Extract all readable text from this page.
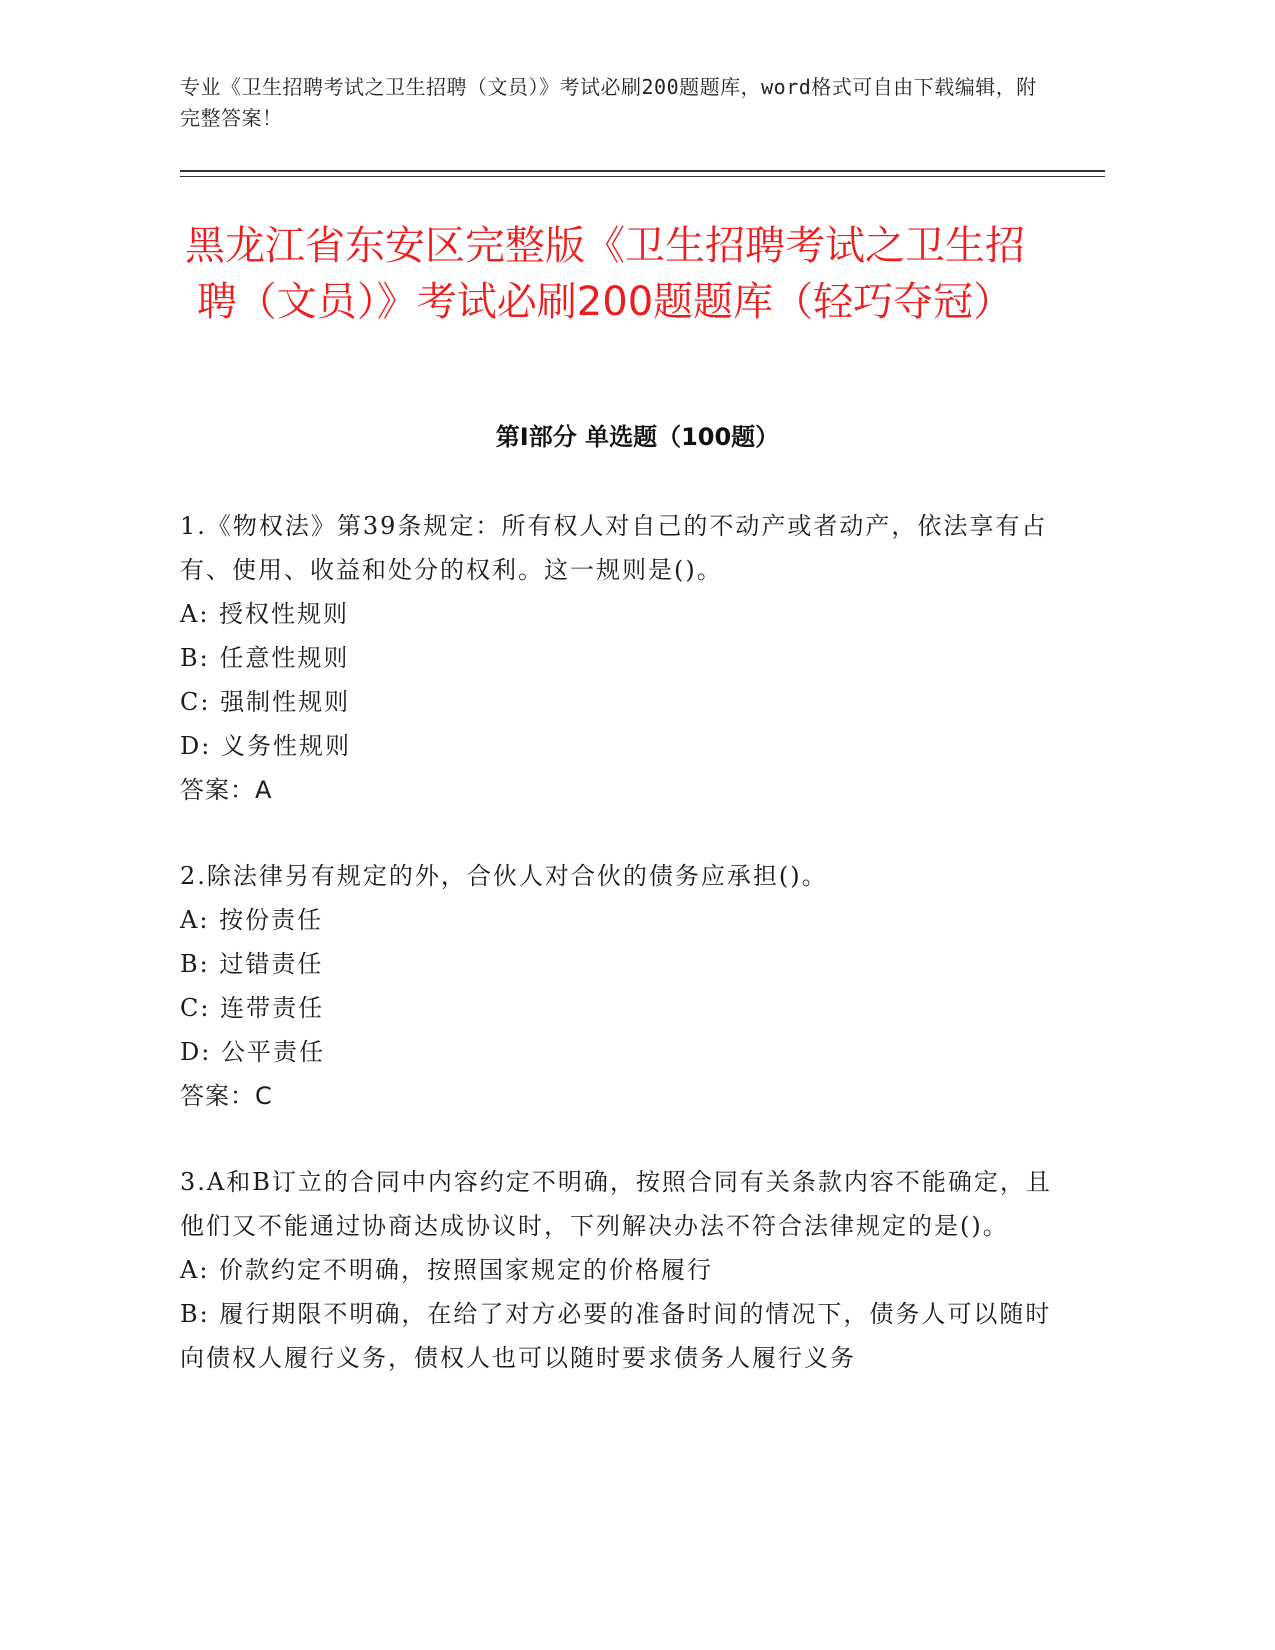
专业《卫生招聘考试之卫生招聘（文员）》考试必刷200题题库，word格式可自由下载编辑，附完整答案！
黑龙江省东安区完整版《卫生招聘考试之卫生招聘（文员）》考试必刷200题题库（轻巧夺冠）
第I部分 单选题（100题）
1.《物权法》第39条规定：所有权人对自己的不动产或者动产，依法享有占有、使用、收益和处分的权利。这一规则是()。
A: 授权性规则
B: 任意性规则
C: 强制性规则
D: 义务性规则
答案：A
2.除法律另有规定的外，合伙人对合伙的债务应承担()。
A: 按份责任
B: 过错责任
C: 连带责任
D: 公平责任
答案：C
3.A和B订立的合同中内容约定不明确，按照合同有关条款内容不能确定，且他们又不能通过协商达成协议时，下列解决办法不符合法律规定的是()。
A: 价款约定不明确，按照国家规定的价格履行
B: 履行期限不明确，在给了对方必要的准备时间的情况下，债务人可以随时向债权人履行义务，债权人也可以随时要求债务人履行义务
